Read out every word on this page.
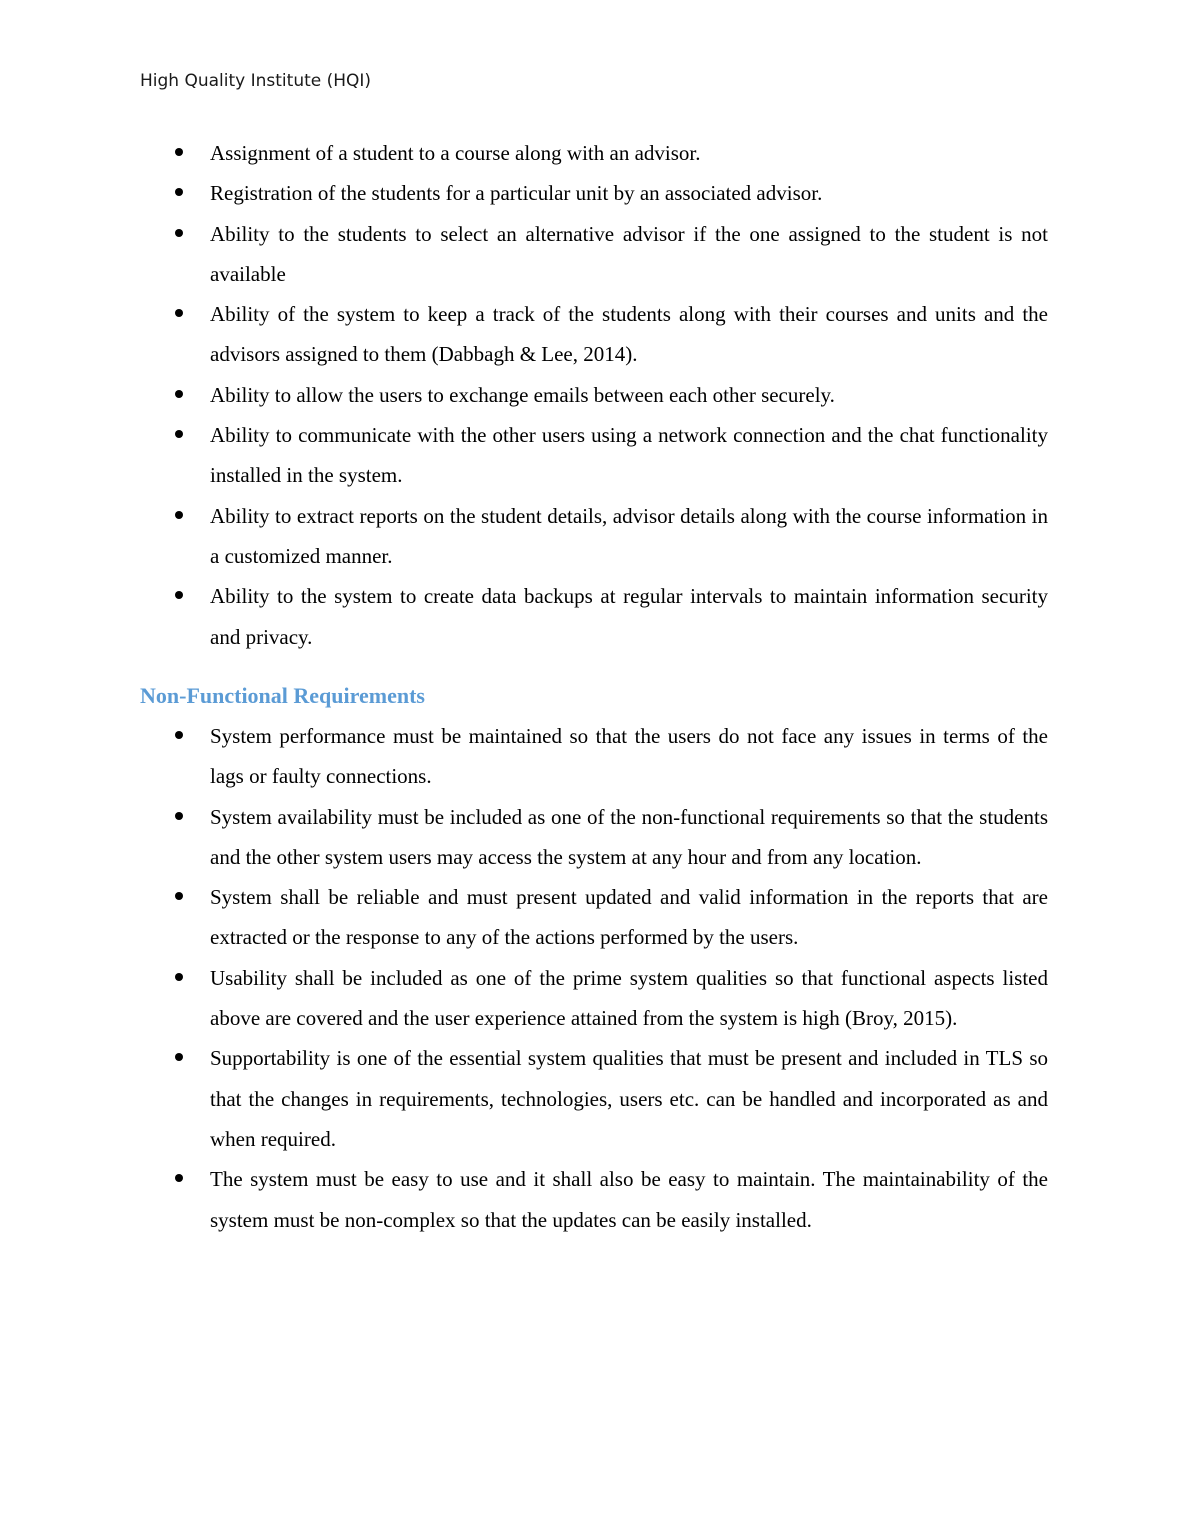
High Quality Institute (HQI)
Assignment of a student to a course along with an advisor.
Registration of the students for a particular unit by an associated advisor.
Ability to the students to select an alternative advisor if the one assigned to the student is not available
Ability of the system to keep a track of the students along with their courses and units and the advisors assigned to them (Dabbagh & Lee, 2014).
Ability to allow the users to exchange emails between each other securely.
Ability to communicate with the other users using a network connection and the chat functionality installed in the system.
Ability to extract reports on the student details, advisor details along with the course information in a customized manner.
Ability to the system to create data backups at regular intervals to maintain information security and privacy.
Non-Functional Requirements
System performance must be maintained so that the users do not face any issues in terms of the lags or faulty connections.
System availability must be included as one of the non-functional requirements so that the students and the other system users may access the system at any hour and from any location.
System shall be reliable and must present updated and valid information in the reports that are extracted or the response to any of the actions performed by the users.
Usability shall be included as one of the prime system qualities so that functional aspects listed above are covered and the user experience attained from the system is high (Broy, 2015).
Supportability is one of the essential system qualities that must be present and included in TLS so that the changes in requirements, technologies, users etc. can be handled and incorporated as and when required.
The system must be easy to use and it shall also be easy to maintain. The maintainability of the system must be non-complex so that the updates can be easily installed.
